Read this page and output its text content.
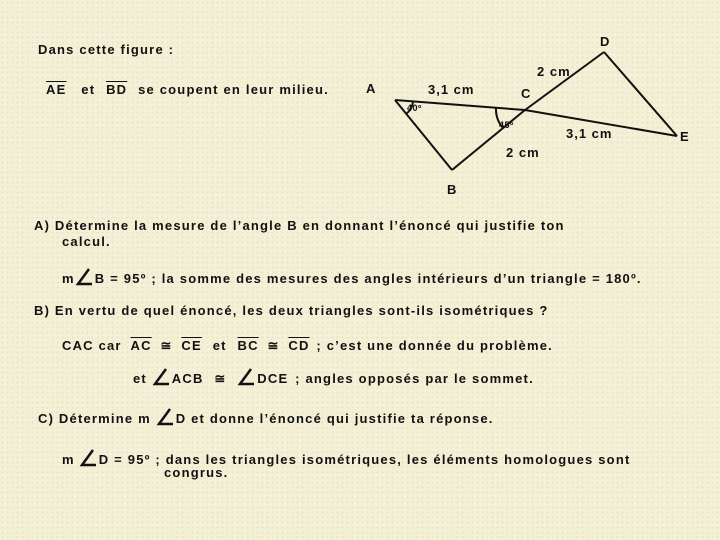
Dans cette figure :
$\overline{AE}$ et $\overline{BD}$ se coupent en leur milieu.
D
A	C
E
B
3,1 cm
2 cm
3,1 cm
2 cm
40º
45º
A) Détermine la mesure de l’angle B en donnant l’énoncé qui justifie ton
calcul.
m B = 95º ; la somme des mesures des angles intérieurs d’un triangle = 180º.
B) En vertu de quel énoncé, les deux triangles sont-ils isométriques ?
CAC car $\overline{AC}$ ≅ $\overline{CE}$ et $\overline{BC}$ ≅ $\overline{CD}$ ; c’est une donnée du problème.
et ACB ≅ DCE ; angles opposés par le sommet.
C) Détermine m D et donne l’énoncé qui justifie ta réponse.
m D = 95º ; dans les triangles isométriques, les éléments homologues sont
congrus.
